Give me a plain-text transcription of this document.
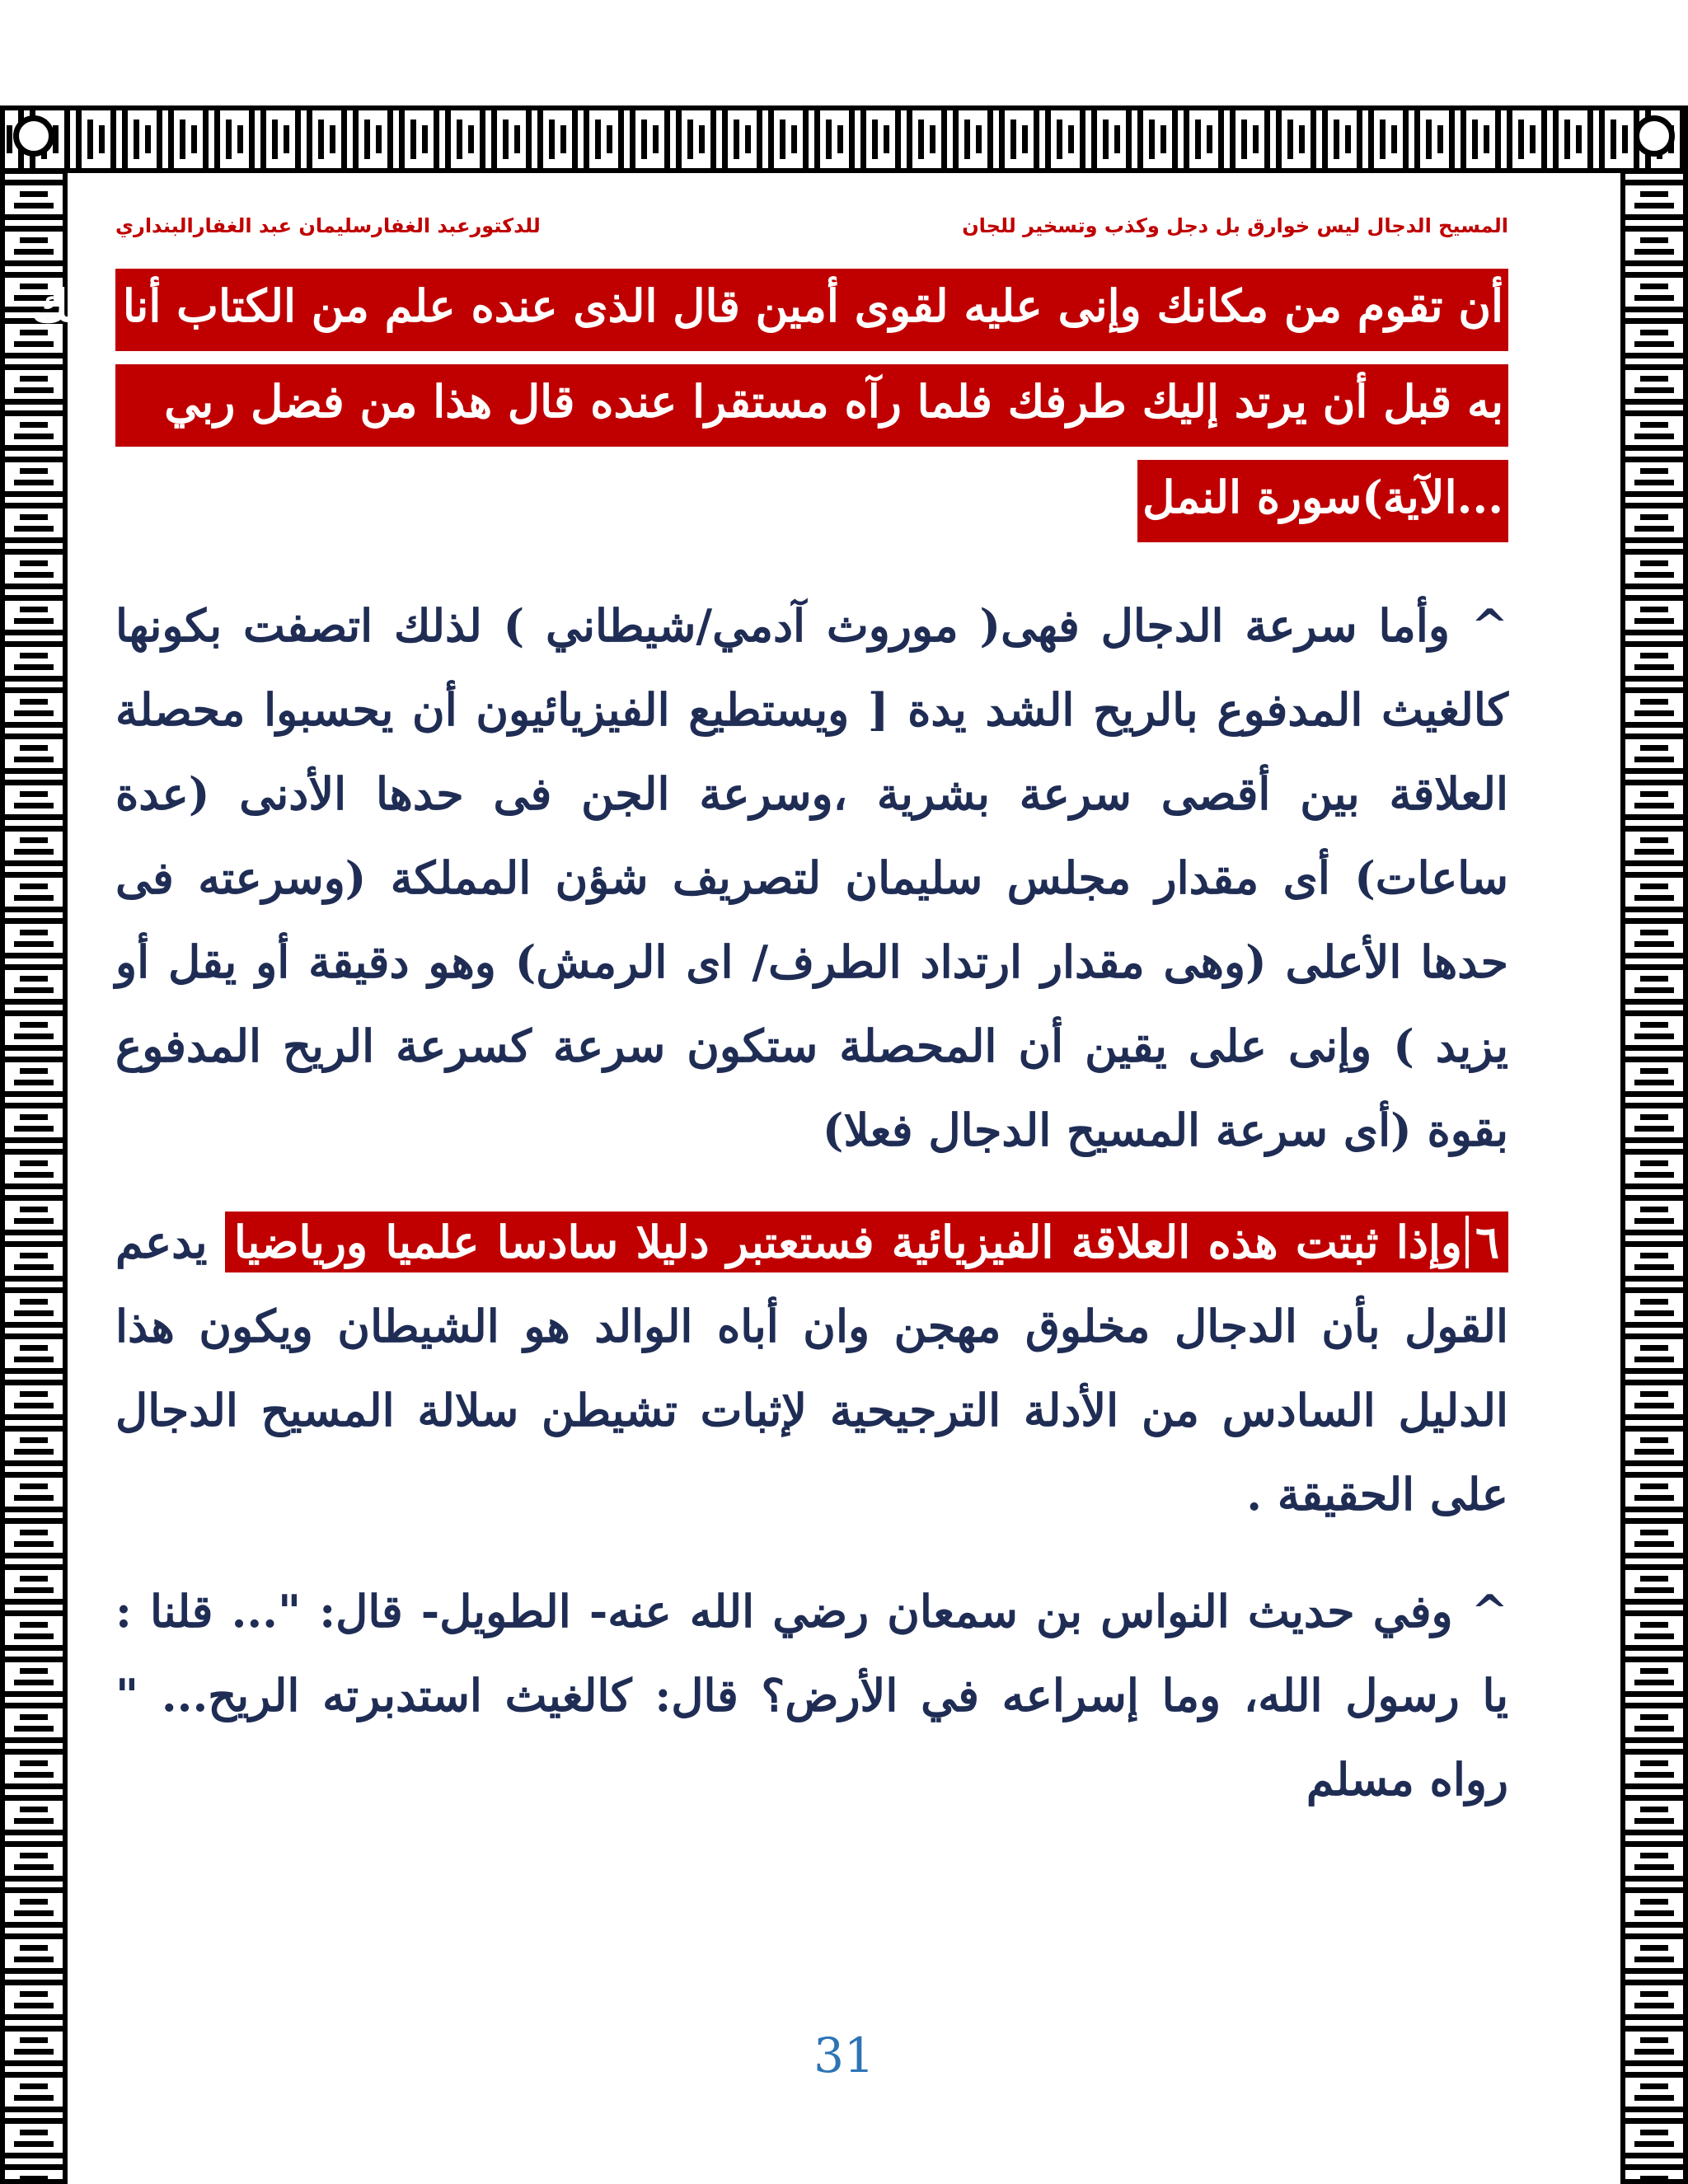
المسيح الدجال ليس خوارق بل دجل وكذب وتسخير للجان
للدكتورعبد الغفارسليمان عبد الغفارالبنداري
أن تقوم من مكانك وإنى عليه لقوى أمين قال الذى عنده علم من الكتاب أنا آتيك
به قبل أن يرتد إليك طرفك فلما رآه مستقرا عنده قال هذا من فضل ربي
...الآية)سورة النمل

^ وأما سرعة الدجال فهى( موروث آدمي/شيطاني ) لذلك اتصفت بكونها كالغيث المدفوع بالريح الشد يدة [ ويستطيع الفيزيائيون أن يحسبوا محصلة العلاقة بين أقصى سرعة بشرية ،وسرعة الجن فى حدها الأدنى (عدة ساعات) أى مقدار مجلس سليمان لتصريف شؤن المملكة (وسرعته فى حدها الأعلى (وهى مقدار ارتداد الطرف/ اى الرمش) وهو دقيقة أو يقل أو يزيد ) وإنى على يقين أن المحصلة ستكون سرعة كسرعة الريح المدفوع بقوة (أى سرعة المسيح الدجال فعلا)

٦وإذا ثبتت هذه العلاقة الفيزيائية فستعتبر دليلا سادسا علميا ورياضيا يدعم القول بأن الدجال مخلوق مهجن وان أباه الوالد هو الشيطان ويكون هذا الدليل السادس من الأدلة الترجيحية لإثبات تشيطن سلالة المسيح الدجال على الحقيقة .

^ وفي حديث النواس بن سمعان رضي الله عنه- الطويل- قال: "... قلنا : يا رسول الله، وما إسراعه في الأرض؟ قال: كالغيث استدبرته الريح... " رواه مسلم

31
